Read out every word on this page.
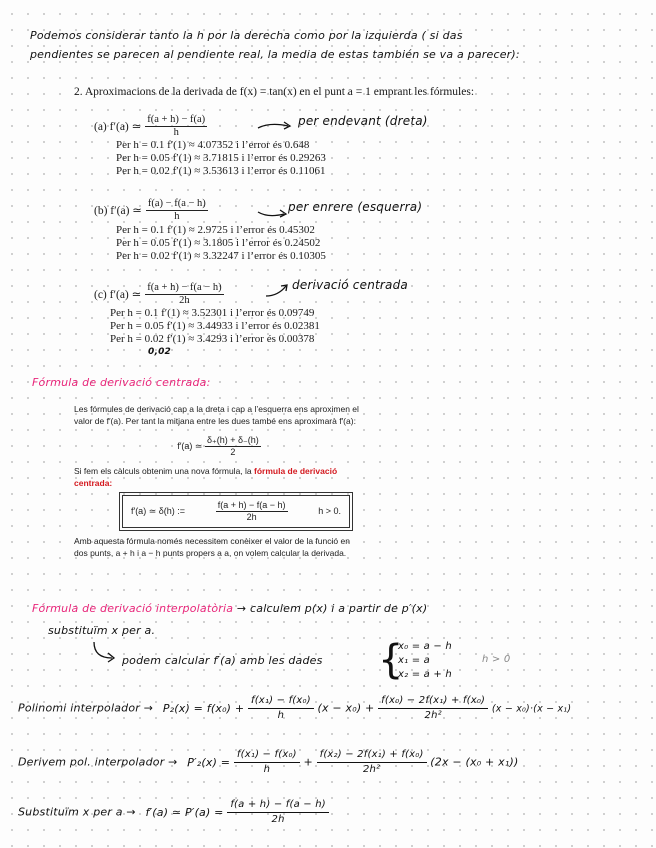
Podemos considerar tanto la h por la derecha como por la izquierda ( si das
pendientes se parecen al pendiente real, la media de estas también se va a parecer):
2. Aproximacions de la derivada de f(x) = tan(x) en el punt a = 1 emprant les fórmules:
(a) f′(a) ≃ $\frac{f(a + h) - f(a)}{h}$	per endevant (dreta)
Per h = 0.1 f′(1) ≈ 4.07352 i l’error és 0.648
Per h = 0.05 f′(1) ≈ 3.71815 i l’error és 0.29263
Per h = 0.02 f′(1) ≈ 3.53613 i l’error és 0.11061
(b) f′(a) ≃ $\frac{f(a) - f(a - h)}{h}$	per enrere (esquerra)
Per h = 0.1 f′(1) ≈ 2.9725 i l’error és 0.45302
Per h = 0.05 f′(1) ≈ 3.1805 i l’error és 0.24502
Per h = 0.02 f′(1) ≈ 3.32247 i l’error és 0.10305
(c) f′(a) ≃ $\frac{f(a + h) - f(a - h)}{2h}$	derivació centrada
Per h = 0.1 f′(1) ≈ 3.52301 i l’error és 0.09749
Per h = 0.05 f′(1) ≈ 3.44933 i l’error és 0.02381
Per h = 0.02 f′(1) ≈ 3.4293 i l’error és 0.00378
0,02
Fórmula de derivació centrada:

Les fórmules de derivació cap a la dreta i cap a l’esquerra ens aproximen el valor de f′(a). Per tant la mitjana entre les dues també ens aproximarà f′(a):

f′(a) ≃ $\frac{\delta_+(h) + \delta_-(h)}{2}$

Si fem els càlculs obtenim una nova fórmula, la fórmula de derivació centrada:

f′(a) ≃ δ(h) :=	$\frac{f(a + h) - f(a - h)}{2h}$	h > 0.

Amb aquesta fórmula només necessitem conèixer el valor de la funció en dos punts, a + h i a − h punts propers a a, on volem calcular la derivada.

Fórmula de derivació interpolatòria → calculem p(x) i a partir de p′(x)
substituïm x per a.
podem calcular f′(a) amb les dades {
x₀ = a − h
x₁ = a
x₂ = a + h
h > 0
Polinomi interpolador → $P_2(x) = f(x_0) + \frac{\text{f(x₁) − f(x₀)}}{h} (x - x_0) + \frac{\text{f(x₀) − 2f(x₁) + f(x₀)}}{\text{2h²}} (x - x_0)\cdot(x - x_1)$
Derivem pol. interpolador → $P'_2(x) = \frac{\text{f(x₁) − f(x₀)}}{h} + \frac{\text{f(x₂) − 2f(x₁) + f(x₀)}}{\text{2h²}} (2x - (x_0 + x_1))$
Substituïm x per a → f′(a) ≃ $P'(a) = \frac{f(a + h) - f(a - h)}{2h}$
